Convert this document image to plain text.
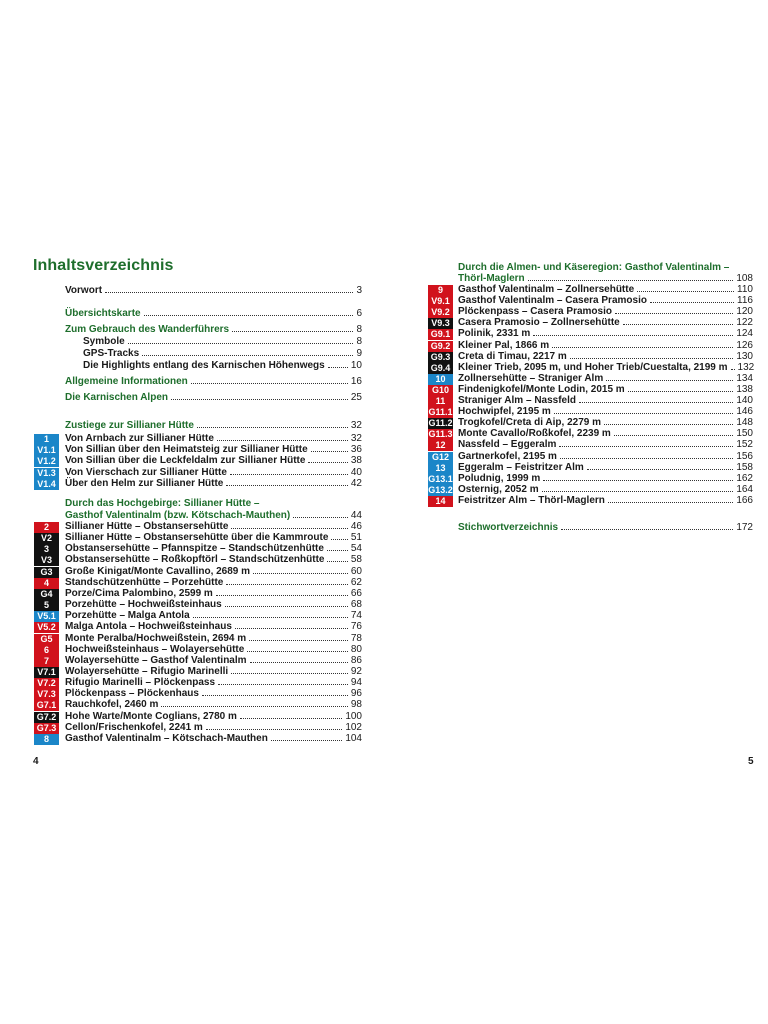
Inhaltsverzeichnis
4	5
Vorwort	3
Übersichtskarte	6
Zum Gebrauch des Wanderführers	8
Symbole	8
GPS-Tracks	9
Die Highlights entlang des Karnischen Höhenwegs	10
Allgemeine Informationen	16
Die Karnischen Alpen	25
Zustiege zur Sillianer Hütte	32
1	Von Arnbach zur Sillianer Hütte	32
V1.1 Von Sillian über den Heimatsteig zur Sillianer Hütte	36
V1.2 Von Sillian über die Leckfeldalm zur Sillianer Hütte	38
V1.3 Von Vierschach zur Sillianer Hütte	40
V1.4 Über den Helm zur Sillianer Hütte	42
Durch das Hochgebirge: Sillianer Hütte –
Gasthof Valentinalm (bzw. Kötschach-Mauthen)	44
2	Sillianer Hütte – Obstansersehütte	46
V2	Sillianer Hütte – Obstansersehütte über die Kammroute 51
3	Obstansersehütte – Pfannspitze – Standschützenhütte	54
V3	Obstansersehütte – Roßkopftörl – Standschützenhütte	58
G3	Große Kinigat/Monte Cavallino, 2689 m	60
4	Standschützenhütte – Porzehütte	62
G4	Porze/Cima Palombino, 2599 m	66
5	Porzehütte – Hochweißsteinhaus	68
V5.1 Porzehütte – Malga Antola	74
V5.2 Malga Antola – Hochweißsteinhaus	76
G5	Monte Peralba/Hochweißstein, 2694 m	78
6	Hochweißsteinhaus – Wolayersehütte	80
7	Wolayersehütte – Gasthof Valentinalm	86
V7.1 Wolayersehütte – Rifugio Marinelli	92
V7.2 Rifugio Marinelli – Plöckenpass	94
V7.3 Plöckenpass – Plöckenhaus	96
G7.1 Rauchkofel, 2460 m	98
G7.2 Hohe Warte/Monte Coglians, 2780 m	100
G7.3 Cellon/Frischenkofel, 2241 m	102
8	Gasthof Valentinalm – Kötschach-Mauthen	104
Durch die Almen- und Käseregion: Gasthof Valentinalm –
Thörl-Maglern	108
9	Gasthof Valentinalm – Zollnersehütte	110
V9.1 Gasthof Valentinalm – Casera Pramosio	116
V9.2 Plöckenpass – Casera Pramosio	120
V9.3 Casera Pramosio – Zollnersehütte	122
G9.1 Polinik, 2331 m	124
G9.2 Kleiner Pal, 1866 m	126
G9.3 Creta di Timau, 2217 m	130
G9.4 Kleiner Trieb, 2095 m, und Hoher Trieb/Cuestalta, 2199 m 132
10	Zollnersehütte – Straniger Alm	134
G10 Findenigkofel/Monte Lodin, 2015 m	138
11	Straniger Alm – Nassfeld	140
G11.1 Hochwipfel, 2195 m	146
G11.2 Trogkofel/Creta di Aip, 2279 m	148
G11.3 Monte Cavallo/Roßkofel, 2239 m	150
12	Nassfeld – Eggeralm	152
G12 Gartnerkofel, 2195 m	156
13	Eggeralm – Feistritzer Alm	158
G13.1 Poludnig, 1999 m	162
G13.2 Osternig, 2052 m	164
14	Feistritzer Alm – Thörl-Maglern	166
Stichwortverzeichnis	172
